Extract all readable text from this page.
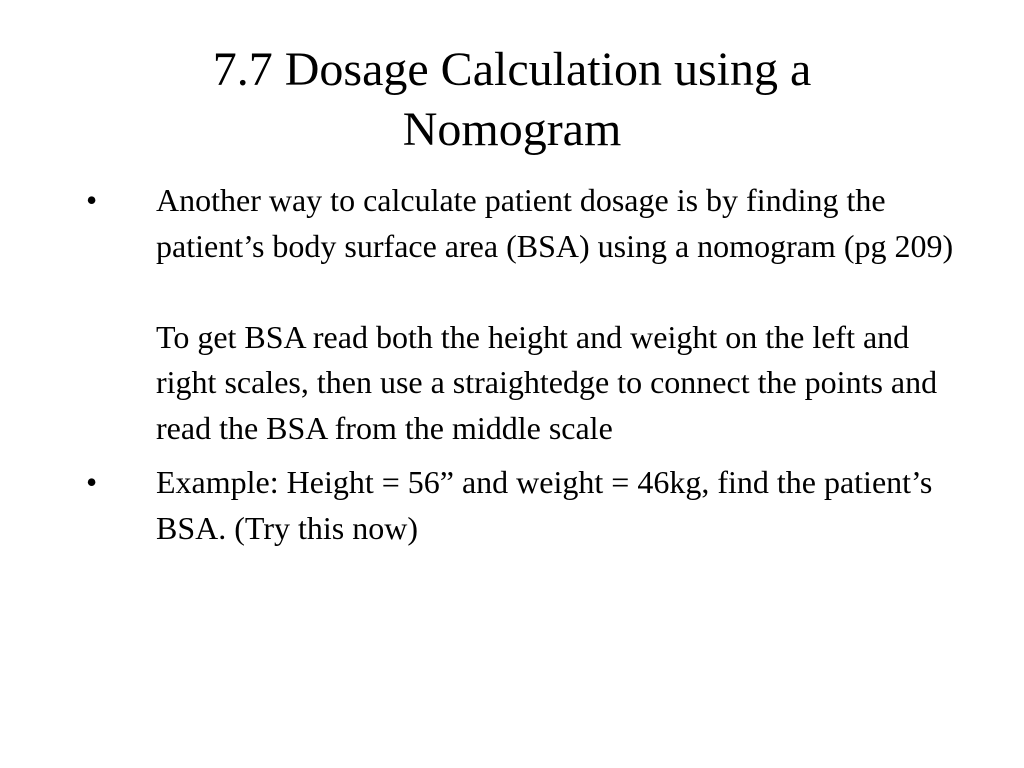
7.7 Dosage Calculation using a
Nomogram
•	Another way to calculate patient dosage is by finding the patient’s body surface area (BSA) using a nomogram (pg 209)
To get BSA read both the height and weight on the left and right scales, then use a straightedge to connect the points and read the BSA from the middle scale
•	Example: Height = 56” and weight = 46kg, find the patient’s BSA. (Try this now)
